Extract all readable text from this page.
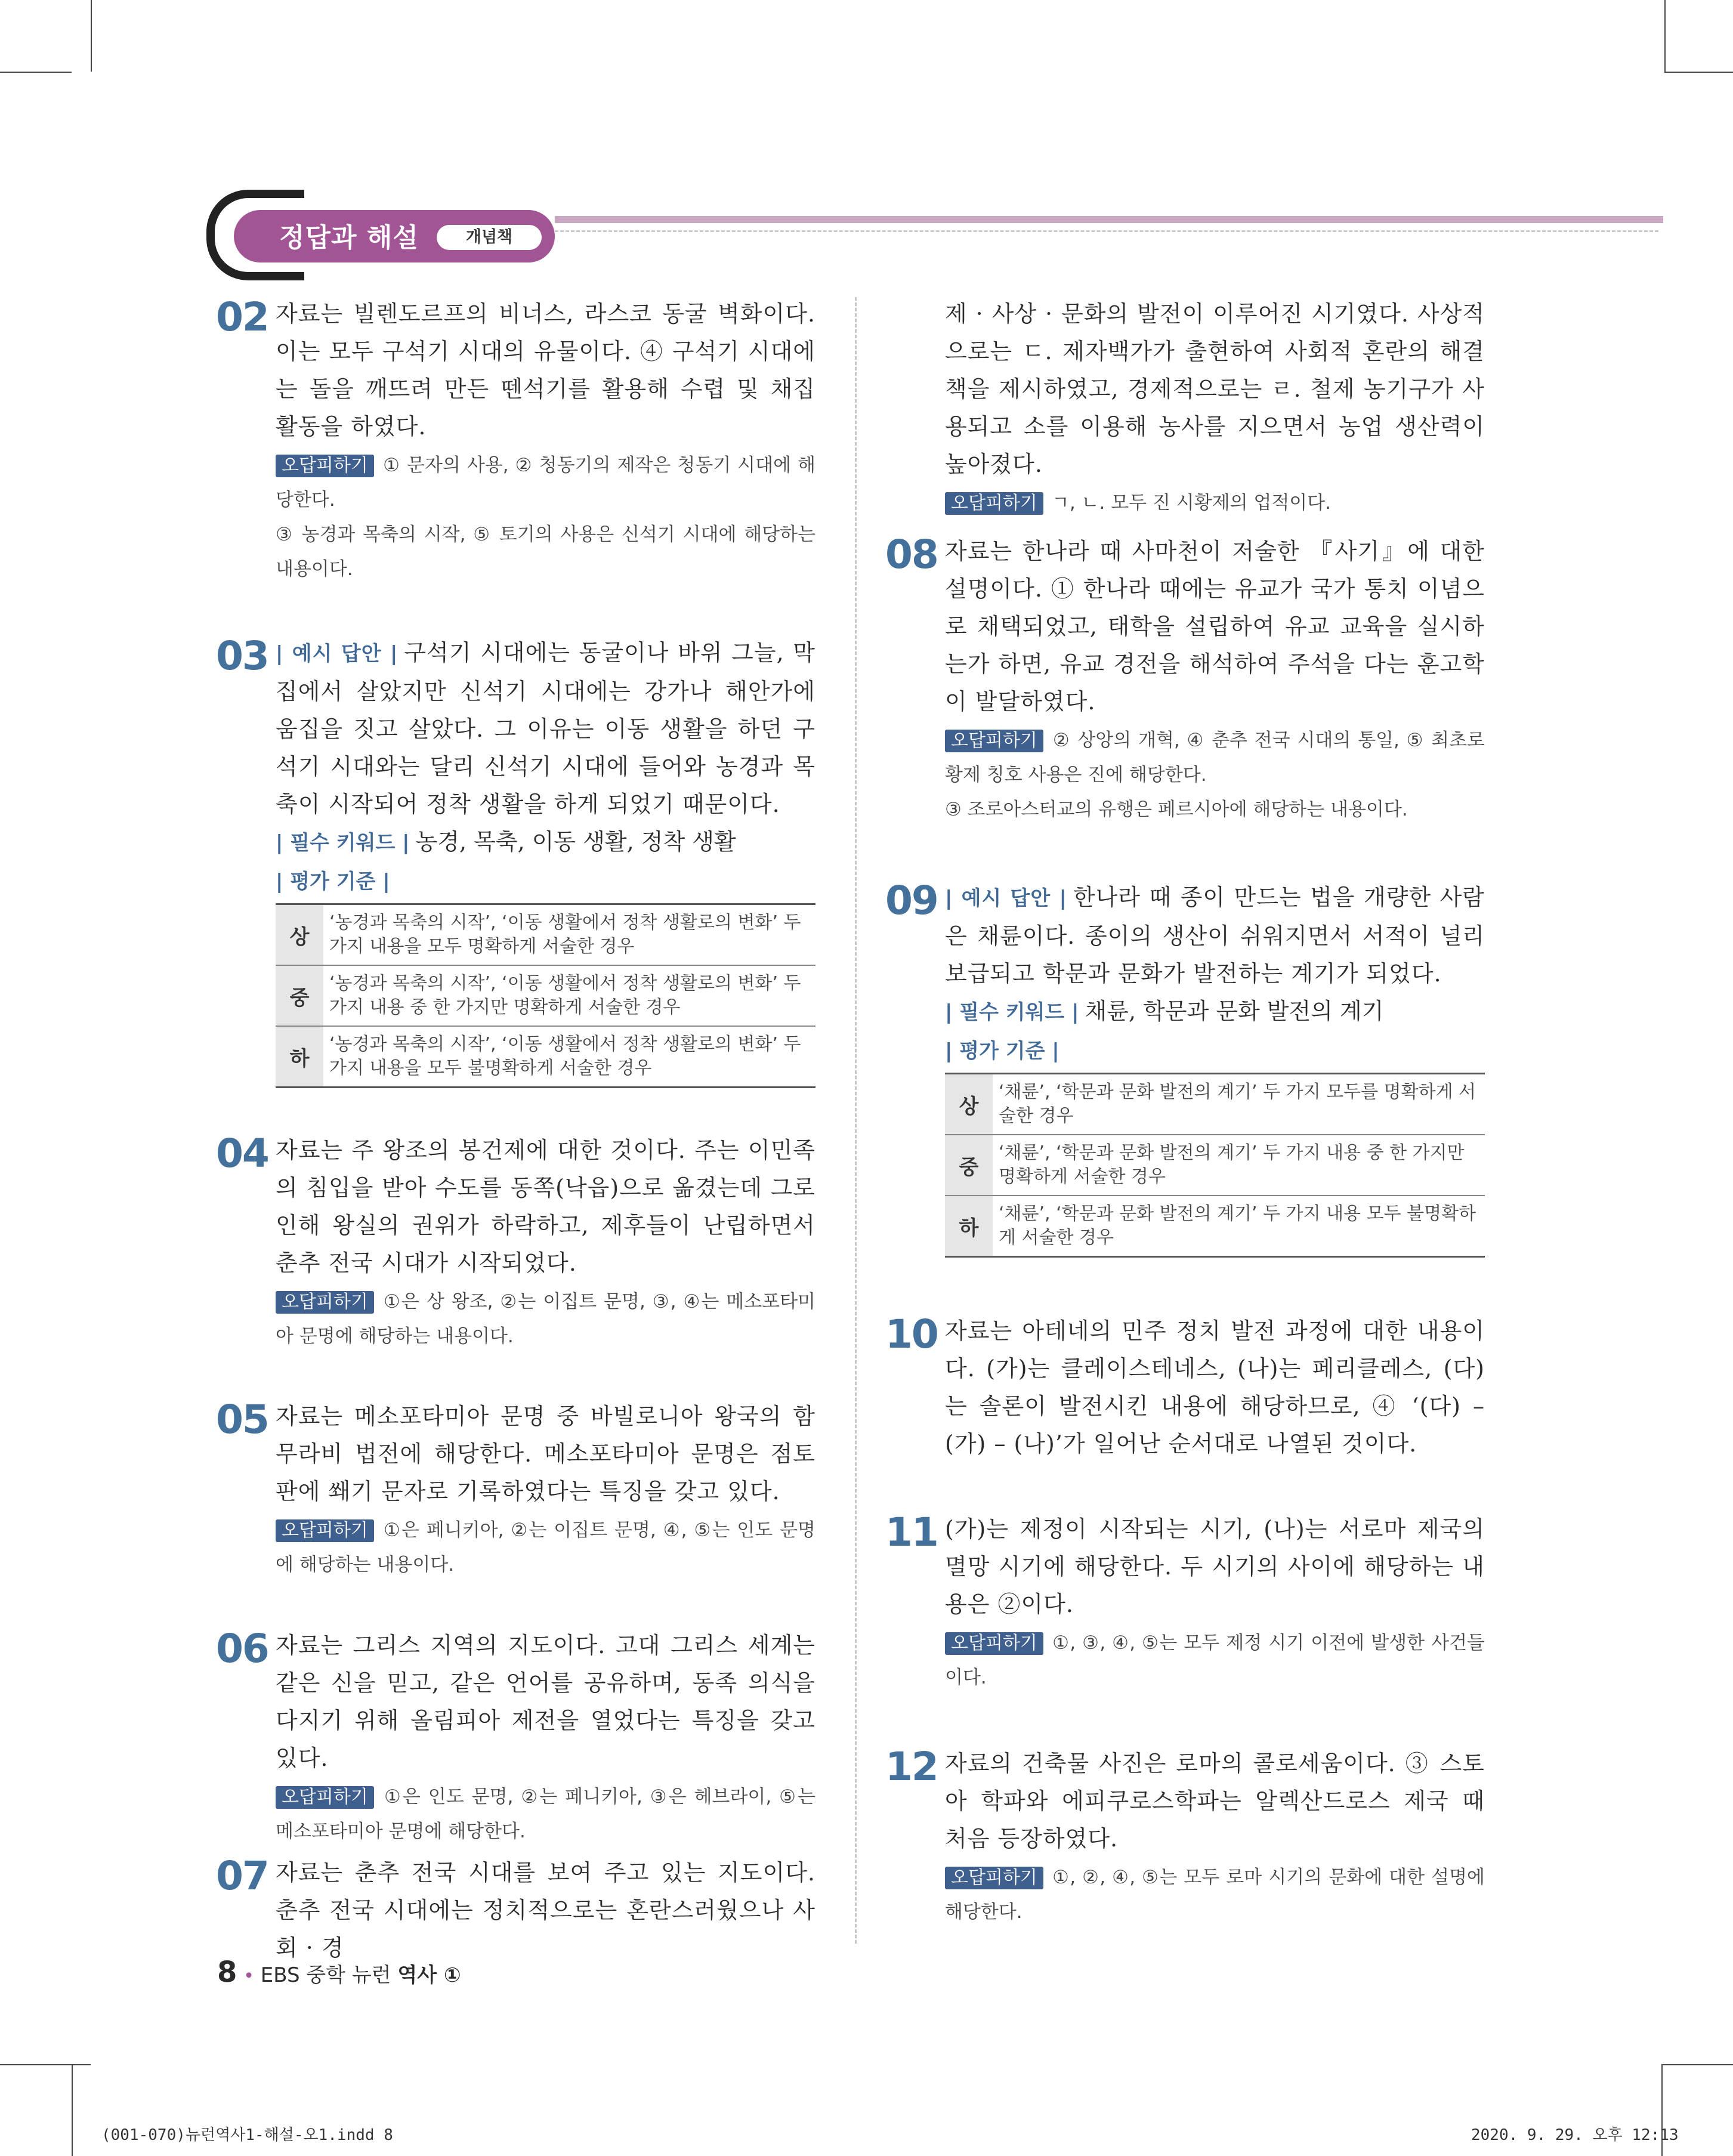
정답과 해설	개념책
02 자료는 빌렌도르프의 비너스, 라스코 동굴 벽화이다. 이는 모두 구석기 시대의 유물이다. ④ 구석기 시대에는 돌을 깨뜨려 만든 뗀석기를 활용해 수렵 및 채집 활동을 하였다.

오답피하기 ① 문자의 사용, ② 청동기의 제작은 청동기 시대에 해당한다.

③ 농경과 목축의 시작, ⑤ 토기의 사용은 신석기 시대에 해당하는 내용이다.

03 | 예시 답안 | 구석기 시대에는 동굴이나 바위 그늘, 막집에서 살았지만 신석기 시대에는 강가나 해안가에 움집을 짓고 살았다. 그 이유는 이동 생활을 하던 구석기 시대와는 달리 신석기 시대에 들어와 농경과 목축이 시작되어 정착 생활을 하게 되었기 때문이다.

| 필수 키워드 | 농경, 목축, 이동 생활, 정착 생활

| 평가 기준 |
상	‘농경과 목축의 시작’, ‘이동 생활에서 정착 생활로의 변화’ 두 가지 내용을 모두 명확하게 서술한 경우
중	‘농경과 목축의 시작’, ‘이동 생활에서 정착 생활로의 변화’ 두 가지 내용 중 한 가지만 명확하게 서술한 경우
하	‘농경과 목축의 시작’, ‘이동 생활에서 정착 생활로의 변화’ 두 가지 내용을 모두 불명확하게 서술한 경우
04 자료는 주 왕조의 봉건제에 대한 것이다. 주는 이민족의 침입을 받아 수도를 동쪽(낙읍)으로 옮겼는데 그로 인해 왕실의 권위가 하락하고, 제후들이 난립하면서 춘추 전국 시대가 시작되었다.

오답피하기 ①은 상 왕조, ②는 이집트 문명, ③, ④는 메소포타미아 문명에 해당하는 내용이다.

05 자료는 메소포타미아 문명 중 바빌로니아 왕국의 함무라비 법전에 해당한다. 메소포타미아 문명은 점토판에 쐐기 문자로 기록하였다는 특징을 갖고 있다.

오답피하기 ①은 페니키아, ②는 이집트 문명, ④, ⑤는 인도 문명에 해당하는 내용이다.

06 자료는 그리스 지역의 지도이다. 고대 그리스 세계는 같은 신을 믿고, 같은 언어를 공유하며, 동족 의식을 다지기 위해 올림피아 제전을 열었다는 특징을 갖고 있다.

오답피하기 ①은 인도 문명, ②는 페니키아, ③은 헤브라이, ⑤는 메소포타미아 문명에 해당한다.

07 자료는 춘추 전국 시대를 보여 주고 있는 지도이다. 춘추 전국 시대에는 정치적으로는 혼란스러웠으나 사회 · 경

제 · 사상 · 문화의 발전이 이루어진 시기였다. 사상적으로는 ㄷ. 제자백가가 출현하여 사회적 혼란의 해결책을 제시하였고, 경제적으로는 ㄹ. 철제 농기구가 사용되고 소를 이용해 농사를 지으면서 농업 생산력이 높아졌다.

오답피하기 ㄱ, ㄴ. 모두 진 시황제의 업적이다.

08 자료는 한나라 때 사마천이 저술한 『사기』에 대한 설명이다. ① 한나라 때에는 유교가 국가 통치 이념으로 채택되었고, 태학을 설립하여 유교 교육을 실시하는가 하면, 유교 경전을 해석하여 주석을 다는 훈고학이 발달하였다.

오답피하기 ② 상앙의 개혁, ④ 춘추 전국 시대의 통일, ⑤ 최초로 황제 칭호 사용은 진에 해당한다.

③ 조로아스터교의 유행은 페르시아에 해당하는 내용이다.

09 | 예시 답안 | 한나라 때 종이 만드는 법을 개량한 사람은 채륜이다. 종이의 생산이 쉬워지면서 서적이 널리 보급되고 학문과 문화가 발전하는 계기가 되었다.

| 필수 키워드 | 채륜, 학문과 문화 발전의 계기

| 평가 기준 |
상	‘채륜’, ‘학문과 문화 발전의 계기’ 두 가지 모두를 명확하게 서술한 경우
중	‘채륜’, ‘학문과 문화 발전의 계기’ 두 가지 내용 중 한 가지만 명확하게 서술한 경우
하	‘채륜’, ‘학문과 문화 발전의 계기’ 두 가지 내용 모두 불명확하게 서술한 경우
10 자료는 아테네의 민주 정치 발전 과정에 대한 내용이다. (가)는 클레이스테네스, (나)는 페리클레스, (다)는 솔론이 발전시킨 내용에 해당하므로, ④ ‘(다) – (가) – (나)’가 일어난 순서대로 나열된 것이다.

11 (가)는 제정이 시작되는 시기, (나)는 서로마 제국의 멸망 시기에 해당한다. 두 시기의 사이에 해당하는 내용은 ②이다.

오답피하기 ①, ③, ④, ⑤는 모두 제정 시기 이전에 발생한 사건들이다.

12 자료의 건축물 사진은 로마의 콜로세움이다. ③ 스토아 학파와 에피쿠로스학파는 알렉산드로스 제국 때 처음 등장하였다.

오답피하기 ①, ②, ④, ⑤는 모두 로마 시기의 문화에 대한 설명에 해당한다.

8 • EBS 중학 뉴런 역사 ①
(001-070)뉴런역사1-해설-오1.indd 8	2020. 9. 29. 오후 12:13
